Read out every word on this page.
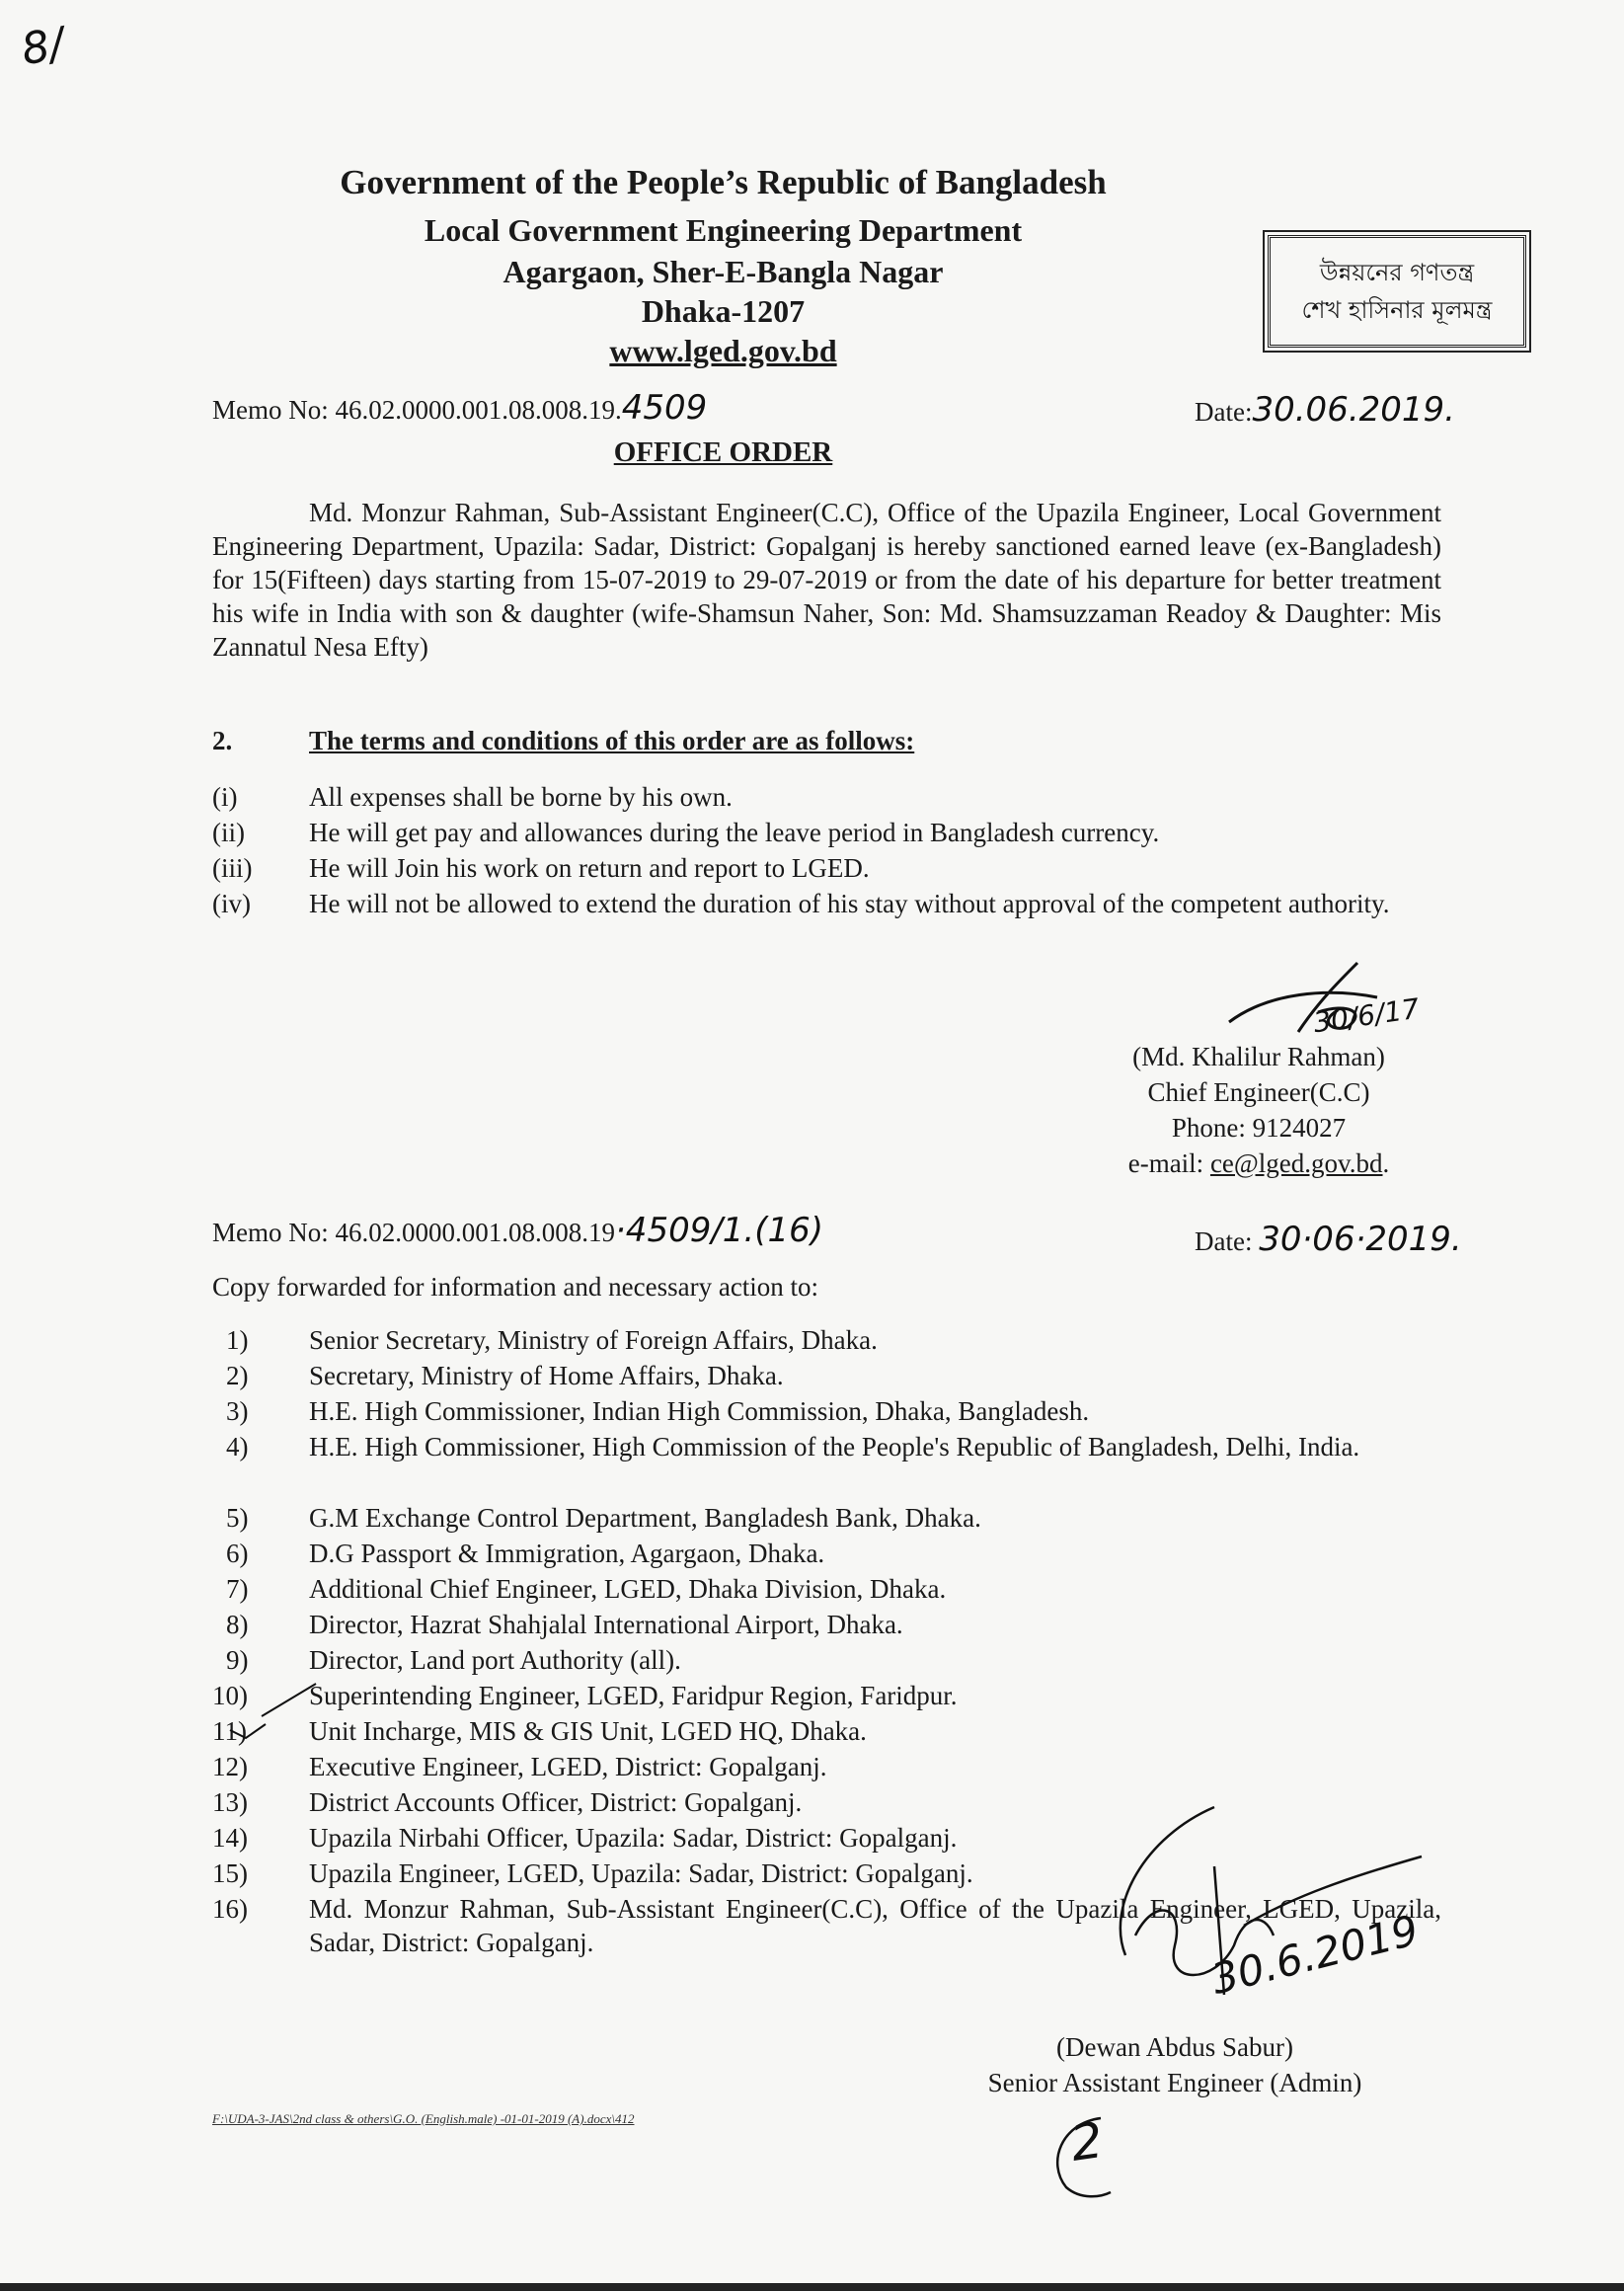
8/
Government of the People’s Republic of Bangladesh
Local Government Engineering Department
Agargaon, Sher-E-Bangla Nagar
Dhaka-1207
www.lged.gov.bd
উন্নয়নের গণতন্ত্র
শেখ হাসিনার মূলমন্ত্র
Memo No: 46.02.0000.001.08.008.19.4509	Date:30.06.2019.
OFFICE ORDER
Md. Monzur Rahman, Sub-Assistant Engineer(C.C), Office of the Upazila Engineer, Local Government Engineering Department, Upazila: Sadar, District: Gopalganj is hereby sanctioned earned leave (ex-Bangladesh) for 15(Fifteen) days starting from 15-07-2019 to 29-07-2019 or from the date of his departure for better treatment his wife in India with son & daughter (wife-Shamsun Naher, Son: Md. Shamsuzzaman Readoy & Daughter: Mis Zannatul Nesa Efty)
2.	The terms and conditions of this order are as follows:
(i)	All expenses shall be borne by his own.
(ii)	He will get pay and allowances during the leave period in Bangladesh currency.
(iii)	He will Join his work on return and report to LGED.
(iv)	He will not be allowed to extend the duration of his stay without approval of the competent authority.
30/6/17
(Md. Khalilur Rahman)
Chief Engineer(C.C)
Phone: 9124027
e-mail: ce@lged.gov.bd.
Memo No: 46.02.0000.001.08.008.19·4509/1.(16)	Date: 30·06·2019.
Copy forwarded for information and necessary action to:
1)	Senior Secretary, Ministry of Foreign Affairs, Dhaka.
2)	Secretary, Ministry of Home Affairs, Dhaka.
3)	H.E. High Commissioner, Indian High Commission, Dhaka, Bangladesh.
4)	H.E. High Commissioner, High Commission of the People's Republic of Bangladesh, Delhi, India.
5)	G.M Exchange Control Department, Bangladesh Bank, Dhaka.
6)	D.G Passport & Immigration, Agargaon, Dhaka.
7)	Additional Chief Engineer, LGED, Dhaka Division, Dhaka.
8)	Director, Hazrat Shahjalal International Airport, Dhaka.
9)	Director, Land port Authority (all).
10)	Superintending Engineer, LGED, Faridpur Region, Faridpur.
11)	Unit Incharge, MIS & GIS Unit, LGED HQ, Dhaka.
12)	Executive Engineer, LGED, District: Gopalganj.
13)	District Accounts Officer, District: Gopalganj.
14)	Upazila Nirbahi Officer, Upazila: Sadar, District: Gopalganj.
15)	Upazila Engineer, LGED, Upazila: Sadar, District: Gopalganj.
16)	Md. Monzur Rahman, Sub-Assistant Engineer(C.C), Office of the Upazila Engineer, LGED, Upazila, Sadar, District: Gopalganj.	30.6.2019
(Dewan Abdus Sabur)
Senior Assistant Engineer (Admin)
2
F:\UDA-3-JAS\2nd class & others\G.O. (English.male) -01-01-2019 (A).docx\412
